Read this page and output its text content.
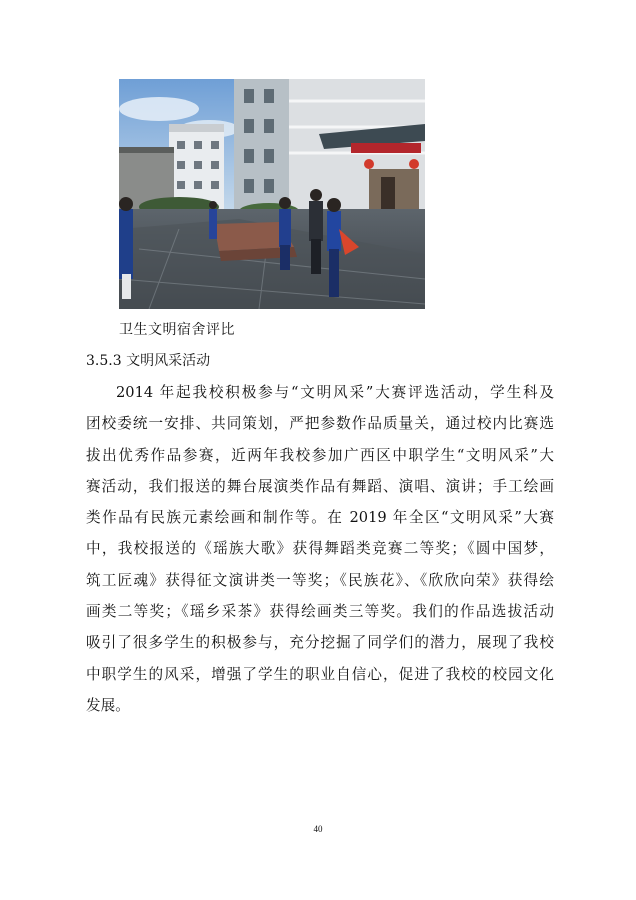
卫生文明宿舍评比
3.5.3 文明风采活动
2014 年起我校积极参与“文明风采”大赛评选活动，学生科及
团校委统一安排、共同策划，严把参数作品质量关，通过校内比赛选
拔出优秀作品参赛，近两年我校参加广西区中职学生“文明风采”大
赛活动，我们报送的舞台展演类作品有舞蹈、演唱、演讲；手工绘画
类作品有民族元素绘画和制作等。在 2019 年全区“文明风采”大赛
中，我校报送的《瑶族大歌》获得舞蹈类竞赛二等奖；《圆中国梦，
筑工匠魂》获得征文演讲类一等奖；《民族花》、《欣欣向荣》获得绘
画类二等奖；《瑶乡采茶》获得绘画类三等奖。我们的作品选拔活动
吸引了很多学生的积极参与，充分挖掘了同学们的潜力，展现了我校
中职学生的风采，增强了学生的职业自信心，促进了我校的校园文化
发展。
40
